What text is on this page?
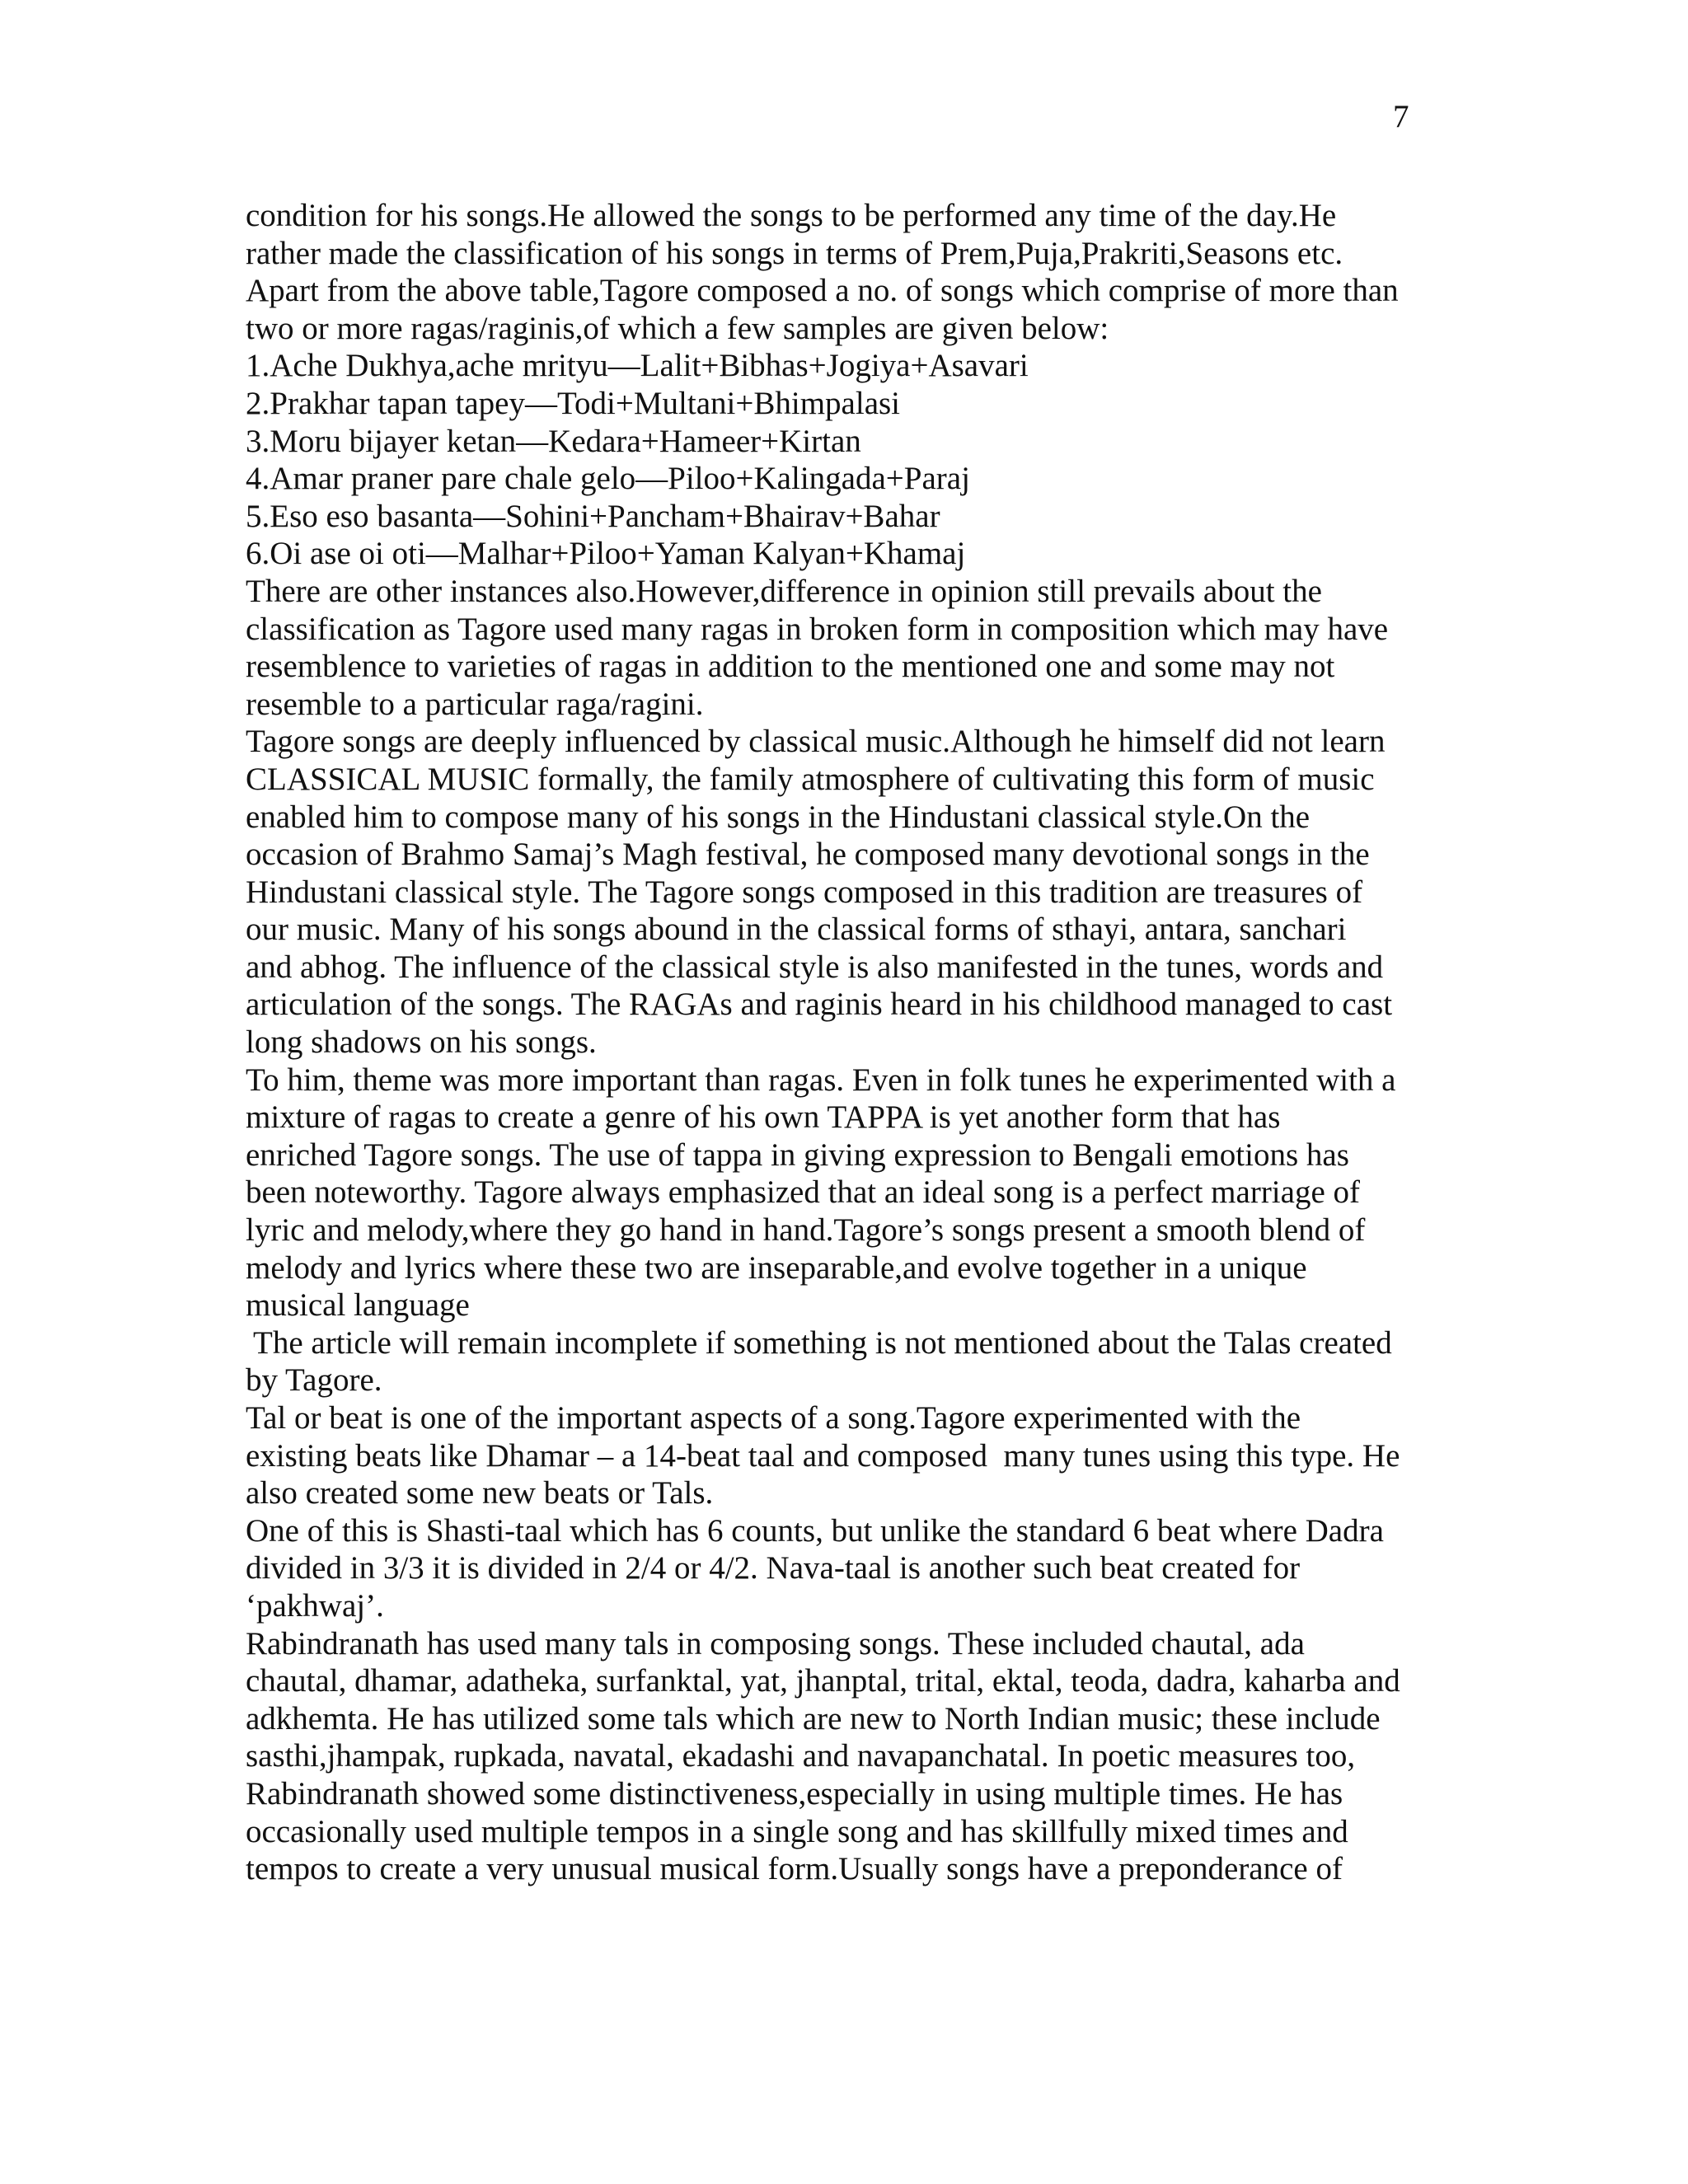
7
condition for his songs.He allowed the songs to be performed any time of the day.He
rather made the classification of his songs in terms of Prem,Puja,Prakriti,Seasons etc.
Apart from the above table,Tagore composed a no. of songs which comprise of more than
two or more ragas/raginis,of which a few samples are given below:
1.Ache Dukhya,ache mrityu—Lalit+Bibhas+Jogiya+Asavari
2.Prakhar tapan tapey—Todi+Multani+Bhimpalasi
3.Moru bijayer ketan—Kedara+Hameer+Kirtan
4.Amar praner pare chale gelo—Piloo+Kalingada+Paraj
5.Eso eso basanta—Sohini+Pancham+Bhairav+Bahar
6.Oi ase oi oti—Malhar+Piloo+Yaman Kalyan+Khamaj
There are other instances also.However,difference in opinion still prevails about the
classification as Tagore used many ragas in broken form in composition which may have
resemblence to varieties of ragas in addition to the mentioned one and some may not
resemble to a particular raga/ragini.
Tagore songs are deeply influenced by classical music.Although he himself did not learn
CLASSICAL MUSIC formally, the family atmosphere of cultivating this form of music
enabled him to compose many of his songs in the Hindustani classical style.On the
occasion of Brahmo Samaj’s Magh festival, he composed many devotional songs in the
Hindustani classical style. The Tagore songs composed in this tradition are treasures of
our music. Many of his songs abound in the classical forms of sthayi, antara, sanchari
and abhog. The influence of the classical style is also manifested in the tunes, words and
articulation of the songs. The RAGAs and raginis heard in his childhood managed to cast
long shadows on his songs.
To him, theme was more important than ragas. Even in folk tunes he experimented with a
mixture of ragas to create a genre of his own TAPPA is yet another form that has
enriched Tagore songs. The use of tappa in giving expression to Bengali emotions has
been noteworthy. Tagore always emphasized that an ideal song is a perfect marriage of
lyric and melody,where they go hand in hand.Tagore’s songs present a smooth blend of
melody and lyrics where these two are inseparable,and evolve together in a unique
musical language
The article will remain incomplete if something is not mentioned about the Talas created
by Tagore.
Tal or beat is one of the important aspects of a song.Tagore experimented with the
existing beats like Dhamar – a 14-beat taal and composed  many tunes using this type. He
also created some new beats or Tals.
One of this is Shasti-taal which has 6 counts, but unlike the standard 6 beat where Dadra
divided in 3/3 it is divided in 2/4 or 4/2. Nava-taal is another such beat created for
‘pakhwaj’.
Rabindranath has used many tals in composing songs. These included chautal, ada
chautal, dhamar, adatheka, surfanktal, yat, jhanptal, trital, ektal, teoda, dadra, kaharba and
adkhemta. He has utilized some tals which are new to North Indian music; these include
sasthi,jhampak, rupkada, navatal, ekadashi and navapanchatal. In poetic measures too,
Rabindranath showed some distinctiveness,especially in using multiple times. He has
occasionally used multiple tempos in a single song and has skillfully mixed times and
tempos to create a very unusual musical form.Usually songs have a preponderance of
